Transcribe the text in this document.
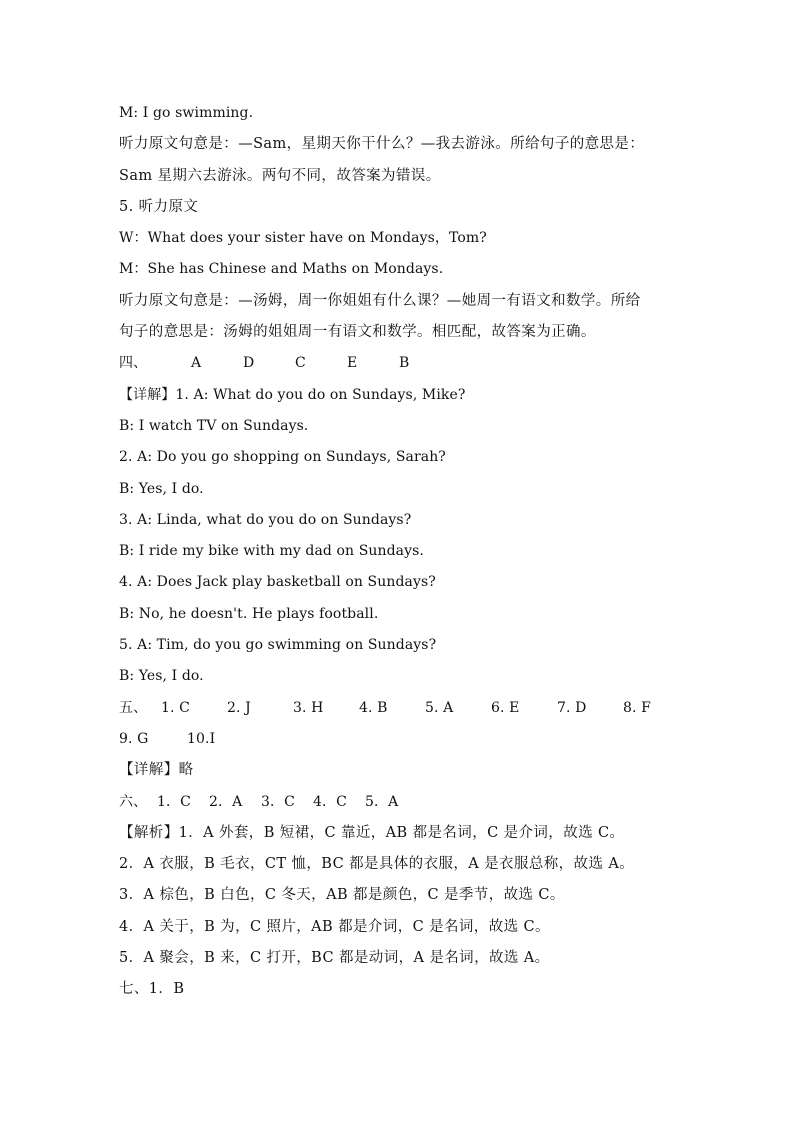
M: I go swimming.
听力原文句意是：—Sam，星期天你干什么？—我去游泳。所给句子的意思是：
Sam 星期六去游泳。两句不同，故答案为错误。
5. 听力原文
W：What does your sister have on Mondays，Tom?
M：She has Chinese and Maths on Mondays.
听力原文句意是：—汤姆，周一你姐姐有什么课？—她周一有语文和数学。所给
句子的意思是：汤姆的姐姐周一有语文和数学。相匹配，故答案为正确。
四、	A	D	C	E	B
【详解】1. A: What do you do on Sundays, Mike?
B: I watch TV on Sundays.
2. A: Do you go shopping on Sundays, Sarah?
B: Yes, I do.
3. A: Linda, what do you do on Sundays?
B: I ride my bike with my dad on Sundays.
4. A: Does Jack play basketball on Sundays?
B: No, he doesn't. He plays football.
5. A: Tim, do you go swimming on Sundays?
B: Yes, I do.
五、 1. C	2. J	3. H	4. B	5. A	6. E	7. D	8. F
9. G	10.I
【详解】略
六、 1．C 2．A 3．C 4．C 5．A
【解析】1．A 外套，B 短裙，C 靠近，AB 都是名词，C 是介词，故选 C。
2．A 衣服，B 毛衣，CT 恤，BC 都是具体的衣服，A 是衣服总称，故选 A。
3．A 棕色，B 白色，C 冬天，AB 都是颜色，C 是季节，故选 C。
4．A 关于，B 为，C 照片，AB 都是介词，C 是名词，故选 C。
5．A 聚会，B 来，C 打开，BC 都是动词，A 是名词，故选 A。
七、1．B
